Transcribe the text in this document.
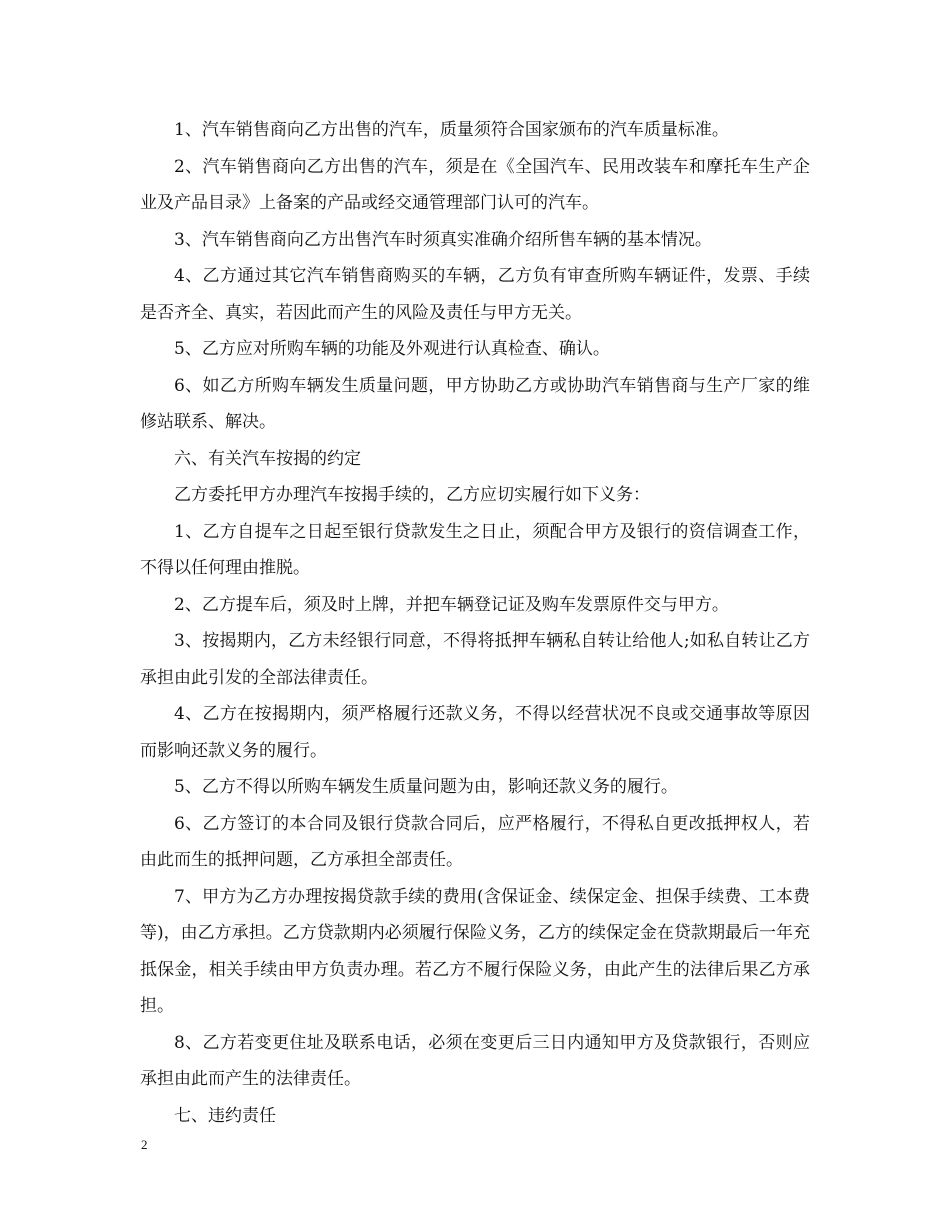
1、汽车销售商向乙方出售的汽车，质量须符合国家颁布的汽车质量标准。

2、汽车销售商向乙方出售的汽车，须是在《全国汽车、民用改装车和摩托车生产企业及产品目录》上备案的产品或经交通管理部门认可的汽车。

3、汽车销售商向乙方出售汽车时须真实准确介绍所售车辆的基本情况。

4、乙方通过其它汽车销售商购买的车辆，乙方负有审查所购车辆证件，发票、手续是否齐全、真实，若因此而产生的风险及责任与甲方无关。

5、乙方应对所购车辆的功能及外观进行认真检查、确认。

6、如乙方所购车辆发生质量问题，甲方协助乙方或协助汽车销售商与生产厂家的维修站联系、解决。

六、有关汽车按揭的约定

乙方委托甲方办理汽车按揭手续的，乙方应切实履行如下义务：

1、乙方自提车之日起至银行贷款发生之日止，须配合甲方及银行的资信调查工作，不得以任何理由推脱。

2、乙方提车后，须及时上牌，并把车辆登记证及购车发票原件交与甲方。

3、按揭期内，乙方未经银行同意，不得将抵押车辆私自转让给他人;如私自转让乙方承担由此引发的全部法律责任。

4、乙方在按揭期内，须严格履行还款义务，不得以经营状况不良或交通事故等原因而影响还款义务的履行。

5、乙方不得以所购车辆发生质量问题为由，影响还款义务的履行。

6、乙方签订的本合同及银行贷款合同后，应严格履行，不得私自更改抵押权人，若由此而生的抵押问题，乙方承担全部责任。

7、甲方为乙方办理按揭贷款手续的费用(含保证金、续保定金、担保手续费、工本费等)，由乙方承担。乙方贷款期内必须履行保险义务，乙方的续保定金在贷款期最后一年充抵保金，相关手续由甲方负责办理。若乙方不履行保险义务，由此产生的法律后果乙方承担。

8、乙方若变更住址及联系电话，必须在变更后三日内通知甲方及贷款银行，否则应承担由此而产生的法律责任。

七、违约责任

2
